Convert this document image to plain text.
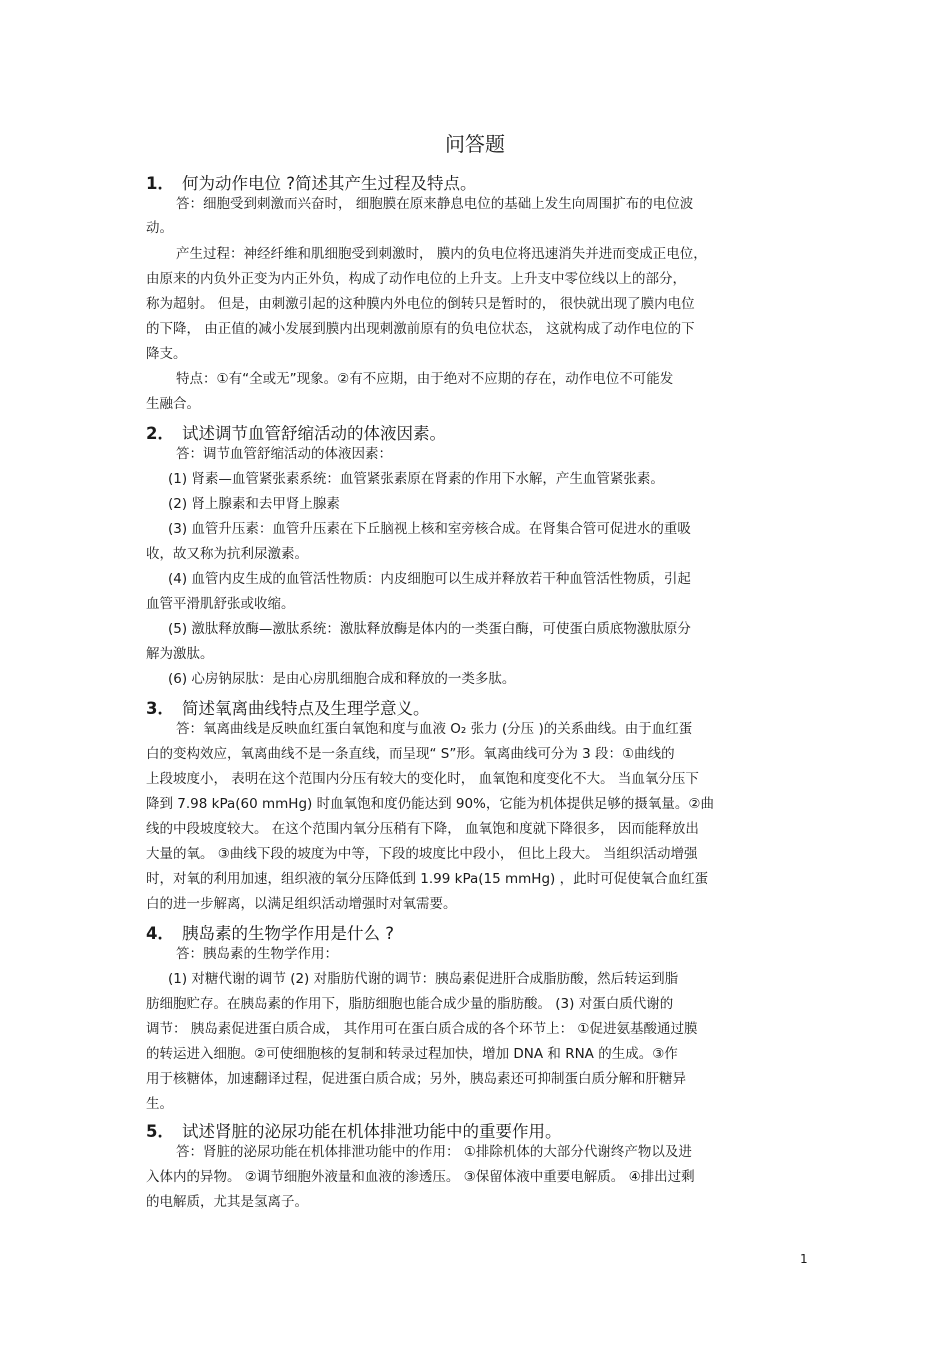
问答题
1． 何为动作电位 ?简述其产生过程及特点。
答：细胞受到刺激而兴奋时， 细胞膜在原来静息电位的基础上发生向周围扩布的电位波
动。
产生过程：神经纤维和肌细胞受到刺激时， 膜内的负电位将迅速消失并进而变成正电位，
由原来的内负外正变为内正外负，构成了动作电位的上升支。上升支中零位线以上的部分，
称为超射。 但是，由刺激引起的这种膜内外电位的倒转只是暂时的， 很快就出现了膜内电位
的下降， 由正值的减小发展到膜内出现刺激前原有的负电位状态， 这就构成了动作电位的下
降支。
特点：①有“全或无”现象。②有不应期，由于绝对不应期的存在，动作电位不可能发
生融合。
2． 试述调节血管舒缩活动的体液因素。
答：调节血管舒缩活动的体液因素：
(1) 肾素—血管紧张素系统：血管紧张素原在肾素的作用下水解，产生血管紧张素。
(2) 肾上腺素和去甲肾上腺素
(3) 血管升压素：血管升压素在下丘脑视上核和室旁核合成。在肾集合管可促进水的重吸
收，故又称为抗利尿激素。
(4) 血管内皮生成的血管活性物质：内皮细胞可以生成并释放若干种血管活性物质，引起
血管平滑肌舒张或收缩。
(5) 激肽释放酶—激肽系统：激肽释放酶是体内的一类蛋白酶，可使蛋白质底物激肽原分
解为激肽。
(6) 心房钠尿肽：是由心房肌细胞合成和释放的一类多肽。
3． 简述氧离曲线特点及生理学意义。
答：氧离曲线是反映血红蛋白氧饱和度与血液 O₂ 张力 (分压 )的关系曲线。由于血红蛋
白的变构效应，氧离曲线不是一条直线，而呈现“ S”形。氧离曲线可分为 3 段：①曲线的
上段坡度小， 表明在这个范围内分压有较大的变化时， 血氧饱和度变化不大。 当血氧分压下
降到 7.98 kPa(60 mmHg) 时血氧饱和度仍能达到 90%，它能为机体提供足够的摄氧量。②曲
线的中段坡度较大。 在这个范围内氧分压稍有下降， 血氧饱和度就下降很多， 因而能释放出
大量的氧。 ③曲线下段的坡度为中等，下段的坡度比中段小， 但比上段大。 当组织活动增强
时，对氧的利用加速，组织液的氧分压降低到 1.99 kPa(15 mmHg) ，此时可促使氧合血红蛋
白的进一步解离，以满足组织活动增强时对氧需要。
4． 胰岛素的生物学作用是什么 ?
答：胰岛素的生物学作用：
(1) 对糖代谢的调节 (2) 对脂肪代谢的调节：胰岛素促进肝合成脂肪酸，然后转运到脂
肪细胞贮存。在胰岛素的作用下，脂肪细胞也能合成少量的脂肪酸。 (3) 对蛋白质代谢的
调节： 胰岛素促进蛋白质合成， 其作用可在蛋白质合成的各个环节上： ①促进氨基酸通过膜
的转运进入细胞。②可使细胞核的复制和转录过程加快，增加 DNA 和 RNA 的生成。③作
用于核糖体，加速翻译过程，促进蛋白质合成；另外，胰岛素还可抑制蛋白质分解和肝糖异
生。
5． 试述肾脏的泌尿功能在机体排泄功能中的重要作用。
答：肾脏的泌尿功能在机体排泄功能中的作用： ①排除机体的大部分代谢终产物以及进
入体内的异物。 ②调节细胞外液量和血液的渗透压。 ③保留体液中重要电解质。 ④排出过剩
的电解质，尤其是氢离子。
1
